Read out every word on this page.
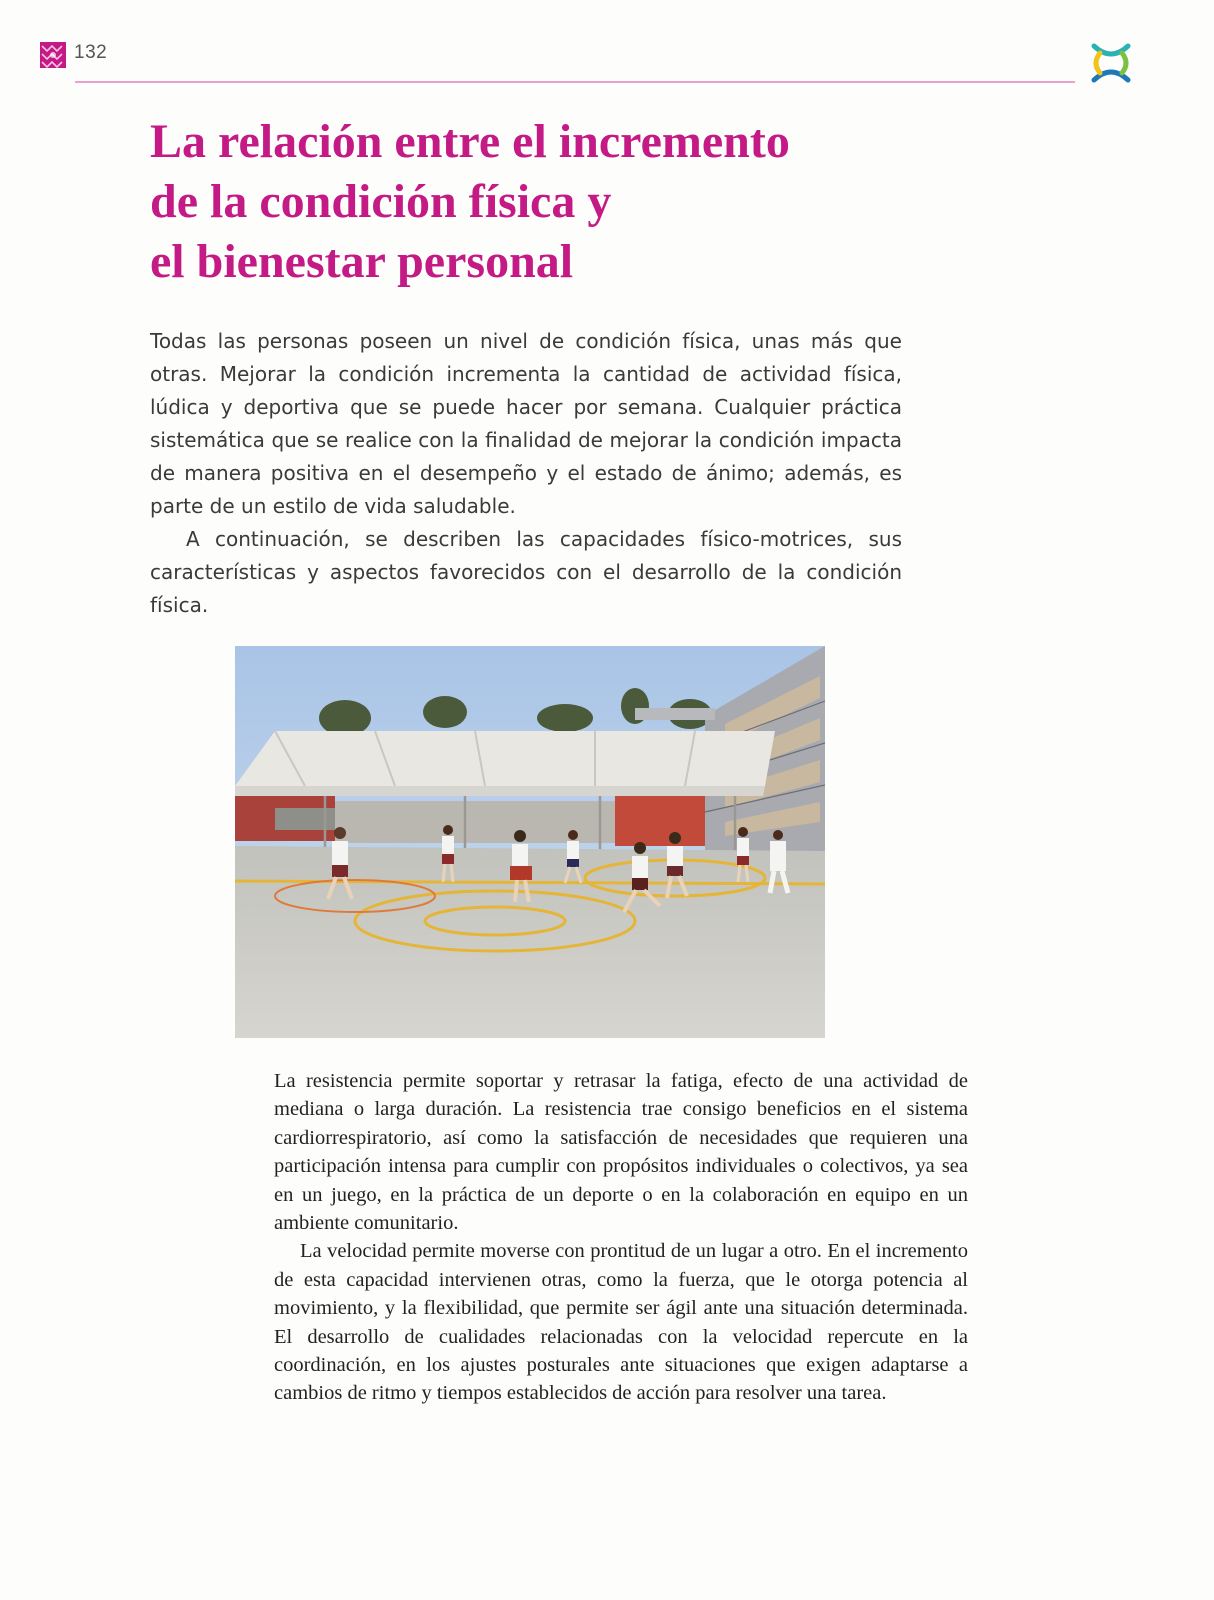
132
La relación entre el incremento
de la condición física y
el bienestar personal

Todas las personas poseen un nivel de condición física, unas más que otras. Mejorar la condición incrementa la cantidad de actividad física, lúdica y deportiva que se puede hacer por semana. Cualquier práctica sistemática que se realice con la finalidad de mejorar la condición impacta de manera positiva en el desempeño y el estado de ánimo; además, es parte de un estilo de vida saludable.

A continuación, se describen las capacidades físico-motrices, sus características y aspectos favorecidos con el desarrollo de la condición física.

La resistencia permite soportar y retrasar la fatiga, efecto de una actividad de mediana o larga duración. La resistencia trae consigo beneficios en el sistema cardiorrespiratorio, así como la satisfacción de necesidades que requieren una participación intensa para cumplir con propósitos individuales o colectivos, ya sea en un juego, en la práctica de un deporte o en la colaboración en equipo en un ambiente comunitario.

La velocidad permite moverse con prontitud de un lugar a otro. En el incremento de esta capacidad intervienen otras, como la fuerza, que le otorga potencia al movimiento, y la flexibilidad, que permite ser ágil ante una situación determinada. El desarrollo de cualidades relacionadas con la velocidad repercute en la coordinación, en los ajustes posturales ante situaciones que exigen adaptarse a cambios de ritmo y tiempos establecidos de acción para resolver una tarea.
